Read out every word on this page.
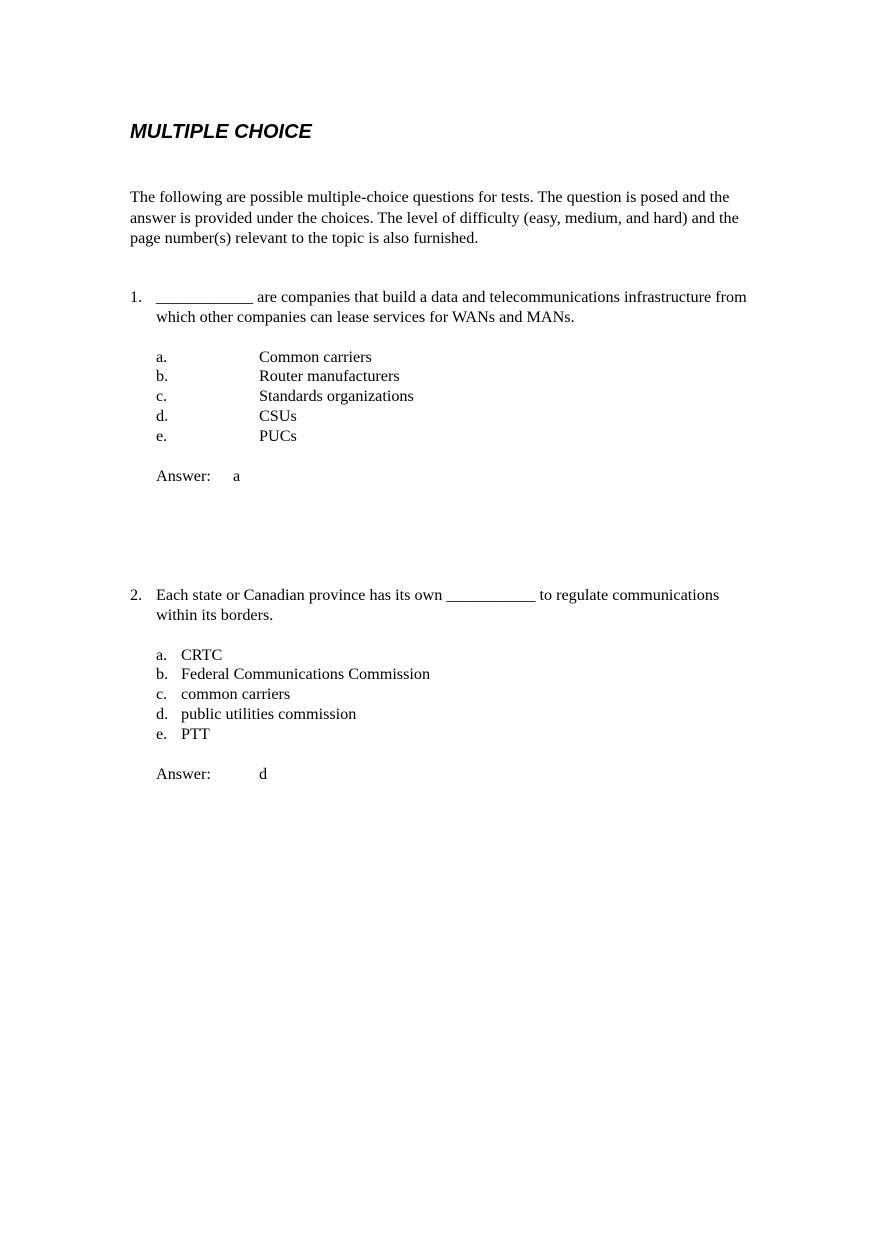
MULTIPLE CHOICE

The following are possible multiple-choice questions for tests. The question is posed and the answer is provided under the choices. The level of difficulty (easy, medium, and hard) and the page number(s) relevant to the topic is also furnished.

1. ____________ are companies that build a data and telecommunications infrastructure from which other companies can lease services for WANs and MANs.

a.	Common carriers
b.	Router manufacturers
c.	Standards organizations
d.	CSUs
e.	PUCs
Answer: a
2. Each state or Canadian province has its own ___________ to regulate communications within its borders.

a. CRTC
b. Federal Communications Commission
c. common carriers
d. public utilities commission
e. PTT
Answer:	d
